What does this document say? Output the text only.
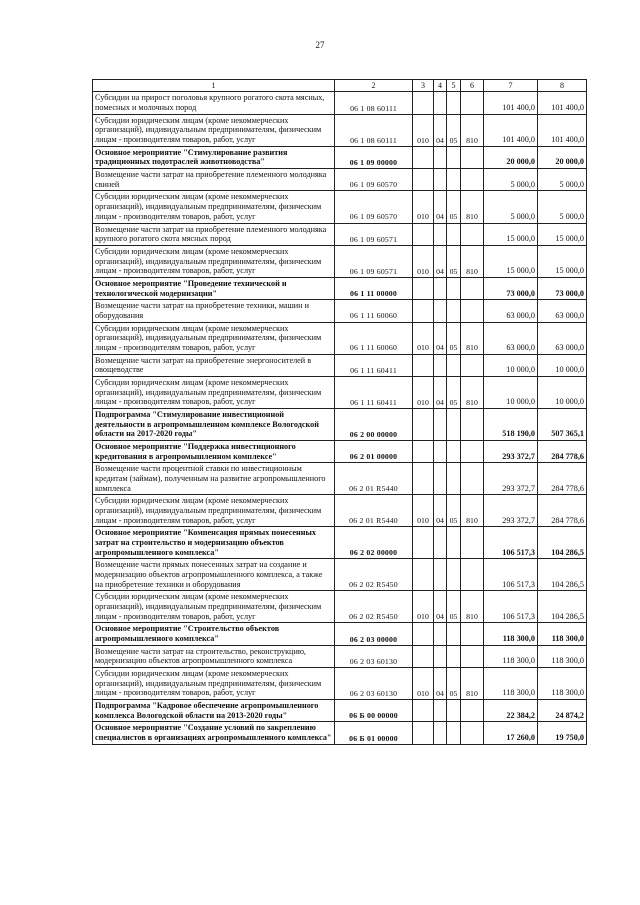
27
1	2	3	4	5	6	7	8
Субсидии на прирост поголовья крупного рогатого скота мясных, помесных и молочных пород	06 1 08 60111					101 400,0	101 400,0
Субсидии юридическим лицам (кроме некоммерческих организаций), индивидуальным предпринимателям, физическим лицам - производителям товаров, работ, услуг	06 1 08 60111	010	04	05	810	101 400,0	101 400,0
Основное мероприятие "Стимулирование развития традиционных подотраслей животноводства"	06 1 09 00000					20 000,0	20 000,0
Возмещение части затрат на приобретение племенного молодняка свиней	06 1 09 60570					5 000,0	5 000,0
Субсидии юридическим лицам (кроме некоммерческих организаций), индивидуальным предпринимателям, физическим лицам - производителям товаров, работ, услуг	06 1 09 60570	010	04	05	810	5 000,0	5 000,0
Возмещение части затрат на приобретение племенного молодняка крупного рогатого скота мясных пород	06 1 09 60571					15 000,0	15 000,0
Субсидии юридическим лицам (кроме некоммерческих организаций), индивидуальным предпринимателям, физическим лицам - производителям товаров, работ, услуг	06 1 09 60571	010	04	05	810	15 000,0	15 000,0
Основное мероприятие "Проведение технической и технологической модернизации"	06 1 11 00000					73 000,0	73 000,0
Возмещение части затрат на приобретение техники, машин и оборудования	06 1 11 60060					63 000,0	63 000,0
Субсидии юридическим лицам (кроме некоммерческих организаций), индивидуальным предпринимателям, физическим лицам - производителям товаров, работ, услуг	06 1 11 60060	010	04	05	810	63 000,0	63 000,0
Возмещение части затрат на приобретение энергоносителей в овощеводстве	06 1 11 60411					10 000,0	10 000,0
Субсидии юридическим лицам (кроме некоммерческих организаций), индивидуальным предпринимателям, физическим лицам - производителям товаров, работ, услуг	06 1 11 60411	010	04	05	810	10 000,0	10 000,0
Подпрограмма "Стимулирование инвестиционной деятельности в агропромышленном комплексе Вологодской области на 2017-2020 годы"	06 2 00 00000					518 190,0	507 365,1
Основное мероприятие "Поддержка инвестиционного кредитования в агропромышленном комплексе"	06 2 01 00000					293 372,7	284 778,6
Возмещение части процентной ставки по инвестиционным кредитам (займам), полученным на развитие агропромышленного комплекса	06 2 01 R5440					293 372,7	284 778,6
Субсидии юридическим лицам (кроме некоммерческих организаций), индивидуальным предпринимателям, физическим лицам - производителям товаров, работ, услуг	06 2 01 R5440	010	04	05	810	293 372,7	284 778,6
Основное мероприятие "Компенсация прямых понесенных затрат на строительство и модернизацию объектов агропромышленного комплекса"	06 2 02 00000					106 517,3	104 286,5
Возмещение части прямых понесенных затрат на создание и модернизацию объектов агропромышленного комплекса, а также на приобретение техники и оборудования	06 2 02 R5450					106 517,3	104 286,5
Субсидии юридическим лицам (кроме некоммерческих организаций), индивидуальным предпринимателям, физическим лицам - производителям товаров, работ, услуг	06 2 02 R5450	010	04	05	810	106 517,3	104 286,5
Основное мероприятие "Строительство объектов агропромышленного комплекса"	06 2 03 00000					118 300,0	118 300,0
Возмещение части затрат на строительство, реконструкцию, модернизацию объектов агропромышленного комплекса	06 2 03 60130					118 300,0	118 300,0
Субсидии юридическим лицам (кроме некоммерческих организаций), индивидуальным предпринимателям, физическим лицам - производителям товаров, работ, услуг	06 2 03 60130	010	04	05	810	118 300,0	118 300,0
Подпрограмма "Кадровое обеспечение агропромышленного комплекса Вологодской области на 2013-2020 годы"	06 Б 00 00000					22 384,2	24 874,2
Основное мероприятие "Создание условий по закреплению специалистов в организациях агропромышленного комплекса"	06 Б 01 00000					17 260,0	19 750,0
